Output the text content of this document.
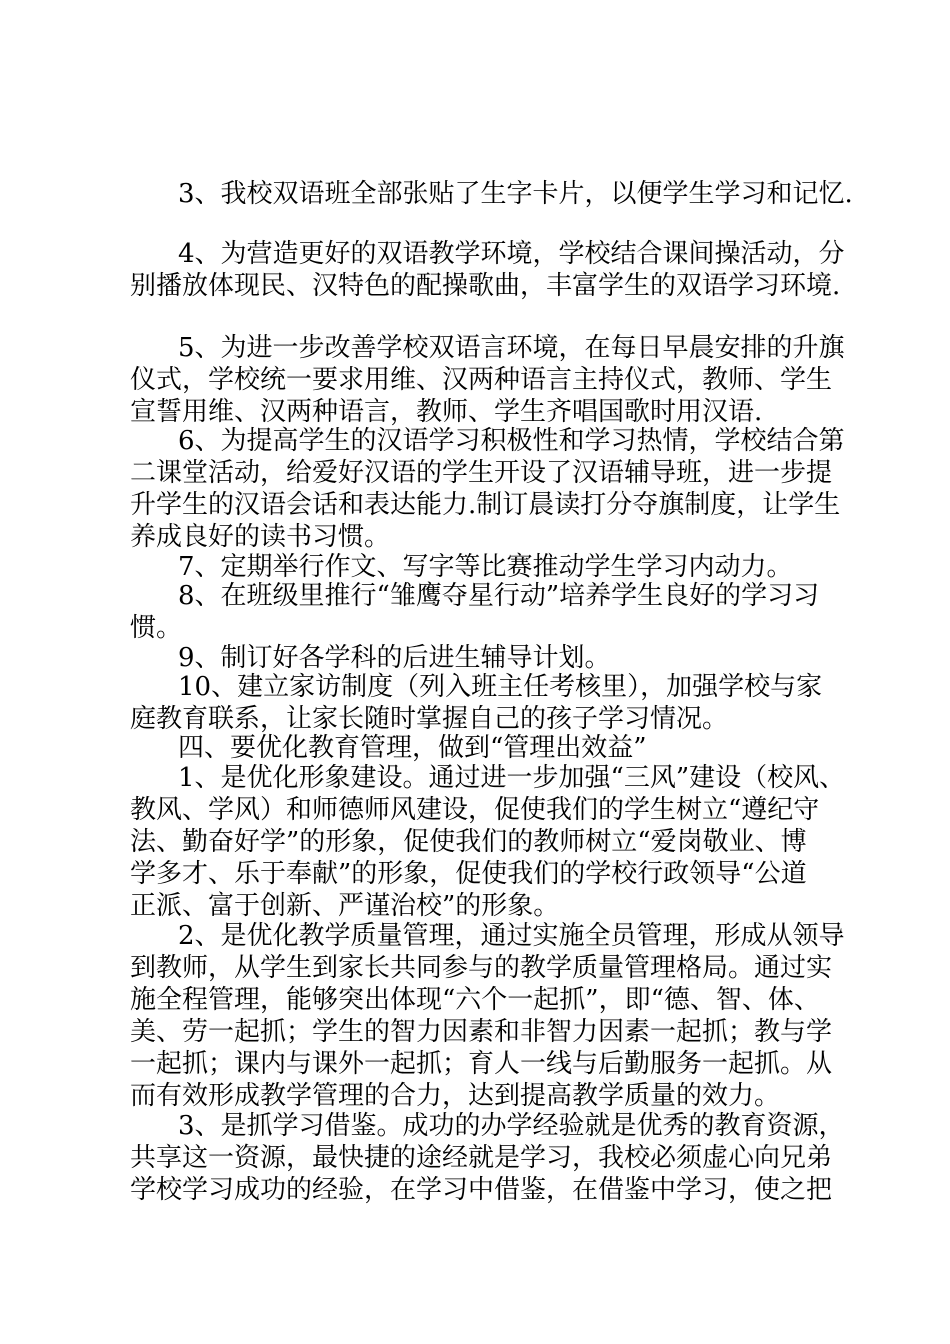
3、我校双语班全部张贴了生字卡片，以便学生学习和记忆.
4、为营造更好的双语教学环境，学校结合课间操活动，分
别播放体现民、汉特色的配操歌曲，丰富学生的双语学习环境.
5、为进一步改善学校双语言环境，在每日早晨安排的升旗
仪式，学校统一要求用维、汉两种语言主持仪式，教师、学生
宣誓用维、汉两种语言，教师、学生齐唱国歌时用汉语.
6、为提高学生的汉语学习积极性和学习热情，学校结合第
二课堂活动，给爱好汉语的学生开设了汉语辅导班，进一步提
升学生的汉语会话和表达能力.制订晨读打分夺旗制度，让学生
养成良好的读书习惯。
7、定期举行作文、写字等比赛推动学生学习内动力。
8、在班级里推行“雏鹰夺星行动”培养学生良好的学习习
惯。
9、制订好各学科的后进生辅导计划。
10、建立家访制度（列入班主任考核里），加强学校与家
庭教育联系，让家长随时掌握自己的孩子学习情况。
四、要优化教育管理，做到“管理出效益”
1、是优化形象建设。通过进一步加强“三风”建设（校风、
教风、学风）和师德师风建设，促使我们的学生树立“遵纪守
法、勤奋好学”的形象，促使我们的教师树立“爱岗敬业、博
学多才、乐于奉献”的形象，促使我们的学校行政领导“公道
正派、富于创新、严谨治校”的形象。
2、是优化教学质量管理，通过实施全员管理，形成从领导
到教师，从学生到家长共同参与的教学质量管理格局。通过实
施全程管理，能够突出体现“六个一起抓”，即“德、智、体、
美、劳一起抓；学生的智力因素和非智力因素一起抓；教与学
一起抓；课内与课外一起抓；育人一线与后勤服务一起抓。从
而有效形成教学管理的合力，达到提高教学质量的效力。
3、是抓学习借鉴。成功的办学经验就是优秀的教育资源，
共享这一资源，最快捷的途经就是学习，我校必须虚心向兄弟
学校学习成功的经验，在学习中借鉴，在借鉴中学习，使之把
